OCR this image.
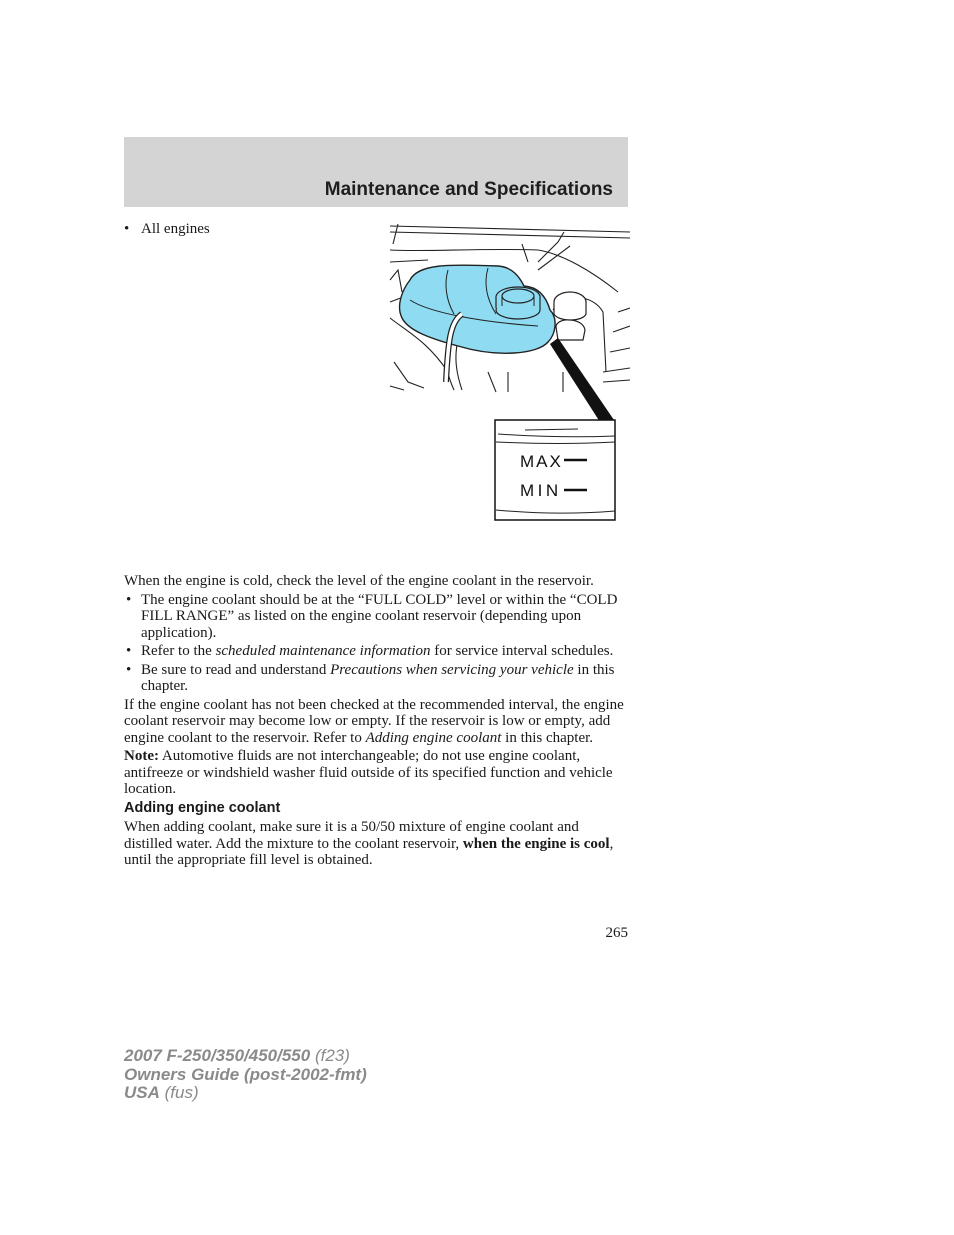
Maintenance and Specifications
• All engines
MAX
MIN

When the engine is cold, check the level of the engine coolant in the reservoir.

• The engine coolant should be at the “FULL COLD” level or within the “COLD FILL RANGE” as listed on the engine coolant reservoir (depending upon application).
• Refer to the scheduled maintenance information for service interval schedules.
• Be sure to read and understand Precautions when servicing your vehicle in this chapter.

If the engine coolant has not been checked at the recommended interval, the engine coolant reservoir may become low or empty. If the reservoir is low or empty, add engine coolant to the reservoir. Refer to Adding engine coolant in this chapter.

Note: Automotive fluids are not interchangeable; do not use engine coolant, antifreeze or windshield washer fluid outside of its specified function and vehicle location.

Adding engine coolant

When adding coolant, make sure it is a 50/50 mixture of engine coolant and distilled water. Add the mixture to the coolant reservoir, when the engine is cool, until the appropriate fill level is obtained.

265
2007 F-250/350/450/550 (f23)
Owners Guide (post-2002-fmt)
USA (fus)
